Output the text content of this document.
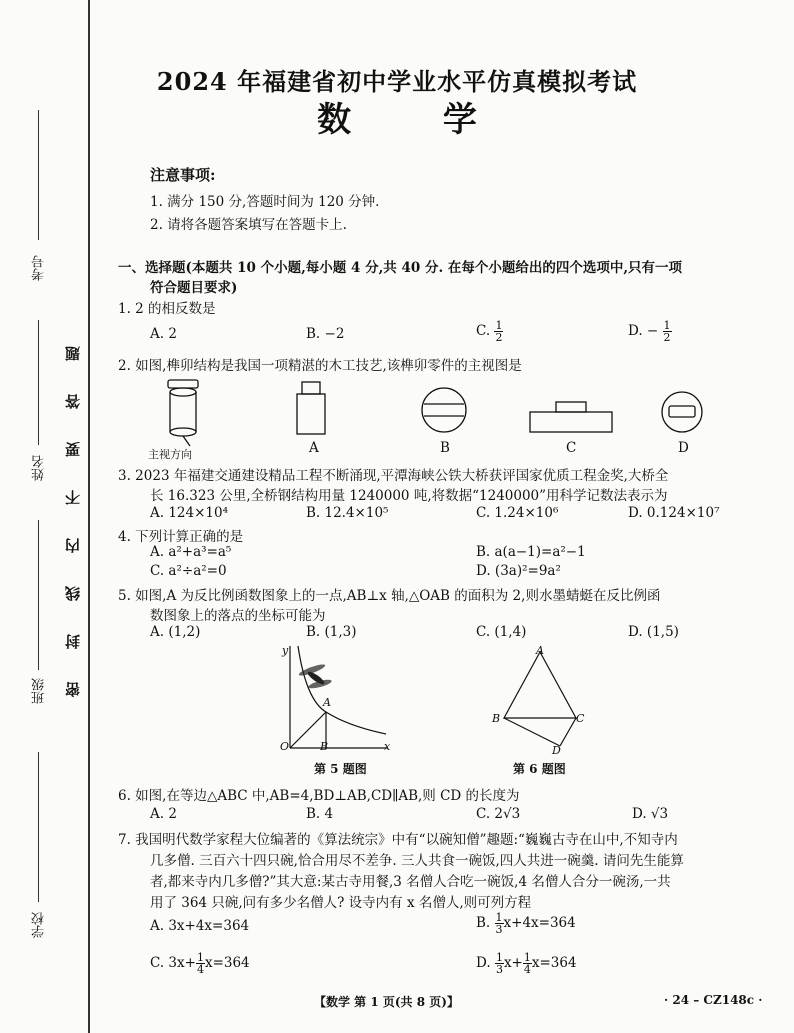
考号
姓名
班级
学校
题
答
要
不
内
线
封
密
2024 年福建省初中学业水平仿真模拟考试
数 学
注意事项:
1. 满分 150 分,答题时间为 120 分钟.
2. 请将各题答案填写在答题卡上.
一、选择题(本题共 10 个小题,每小题 4 分,共 40 分. 在每个小题给出的四个选项中,只有一项
符合题目要求)
1. 2 的相反数是
A. 2	B. −2	C. $\frac{1}{2}$	D. − $\frac{1}{2}$
2. 如图,榫卯结构是我国一项精湛的木工技艺,该榫卯零件的主视图是
主视方向	A	B	C	D
3. 2023 年福建交通建设精品工程不断涌现,平潭海峡公铁大桥获评国家优质工程金奖,大桥全
长 16.323 公里,全桥钢结构用量 1240000 吨,将数据“1240000”用科学记数法表示为
A. 124×10⁴	B. 12.4×10⁵	C. 1.24×10⁶	D. 0.124×10⁷
4. 下列计算正确的是
A. a²+a³=a⁵	B. a(a−1)=a²−1
C. a²÷a²=0	D. (3a)²=9a²
5. 如图,A 为反比例函数图象上的一点,AB⊥x 轴,△OAB 的面积为 2,则水墨蜻蜓在反比例函
数图象上的落点的坐标可能为
A. (1,2)	B. (1,3)	C. (1,4)	D. (1,5)
y
x
O
A
B
第 5 题图
A
B	C
D
第 6 题图
6. 如图,在等边△ABC 中,AB=4,BD⊥AB,CD∥AB,则 CD 的长度为
A. 2	B. 4	C. 2√3	D. √3
7. 我国明代数学家程大位编著的《算法统宗》中有“以碗知僧”趣题:“巍巍古寺在山中,不知寺内
几多僧. 三百六十四只碗,恰合用尽不差争. 三人共食一碗饭,四人共进一碗羹. 请问先生能算
者,都来寺内几多僧?”其大意:某古寺用餐,3 名僧人合吃一碗饭,4 名僧人合分一碗汤,一共
用了 364 只碗,问有多少名僧人? 设寺内有 x 名僧人,则可列方程
A. 3x+4x=364	B. $\frac{1}{3} x+4x=364$
C. $3x+ \frac{1}{4} x=364$	D. $\frac{1}{3} x+ \frac{1}{4} x=364$
【数学 第 1 页(共 8 页)】	· 24 – CZ148c ·
